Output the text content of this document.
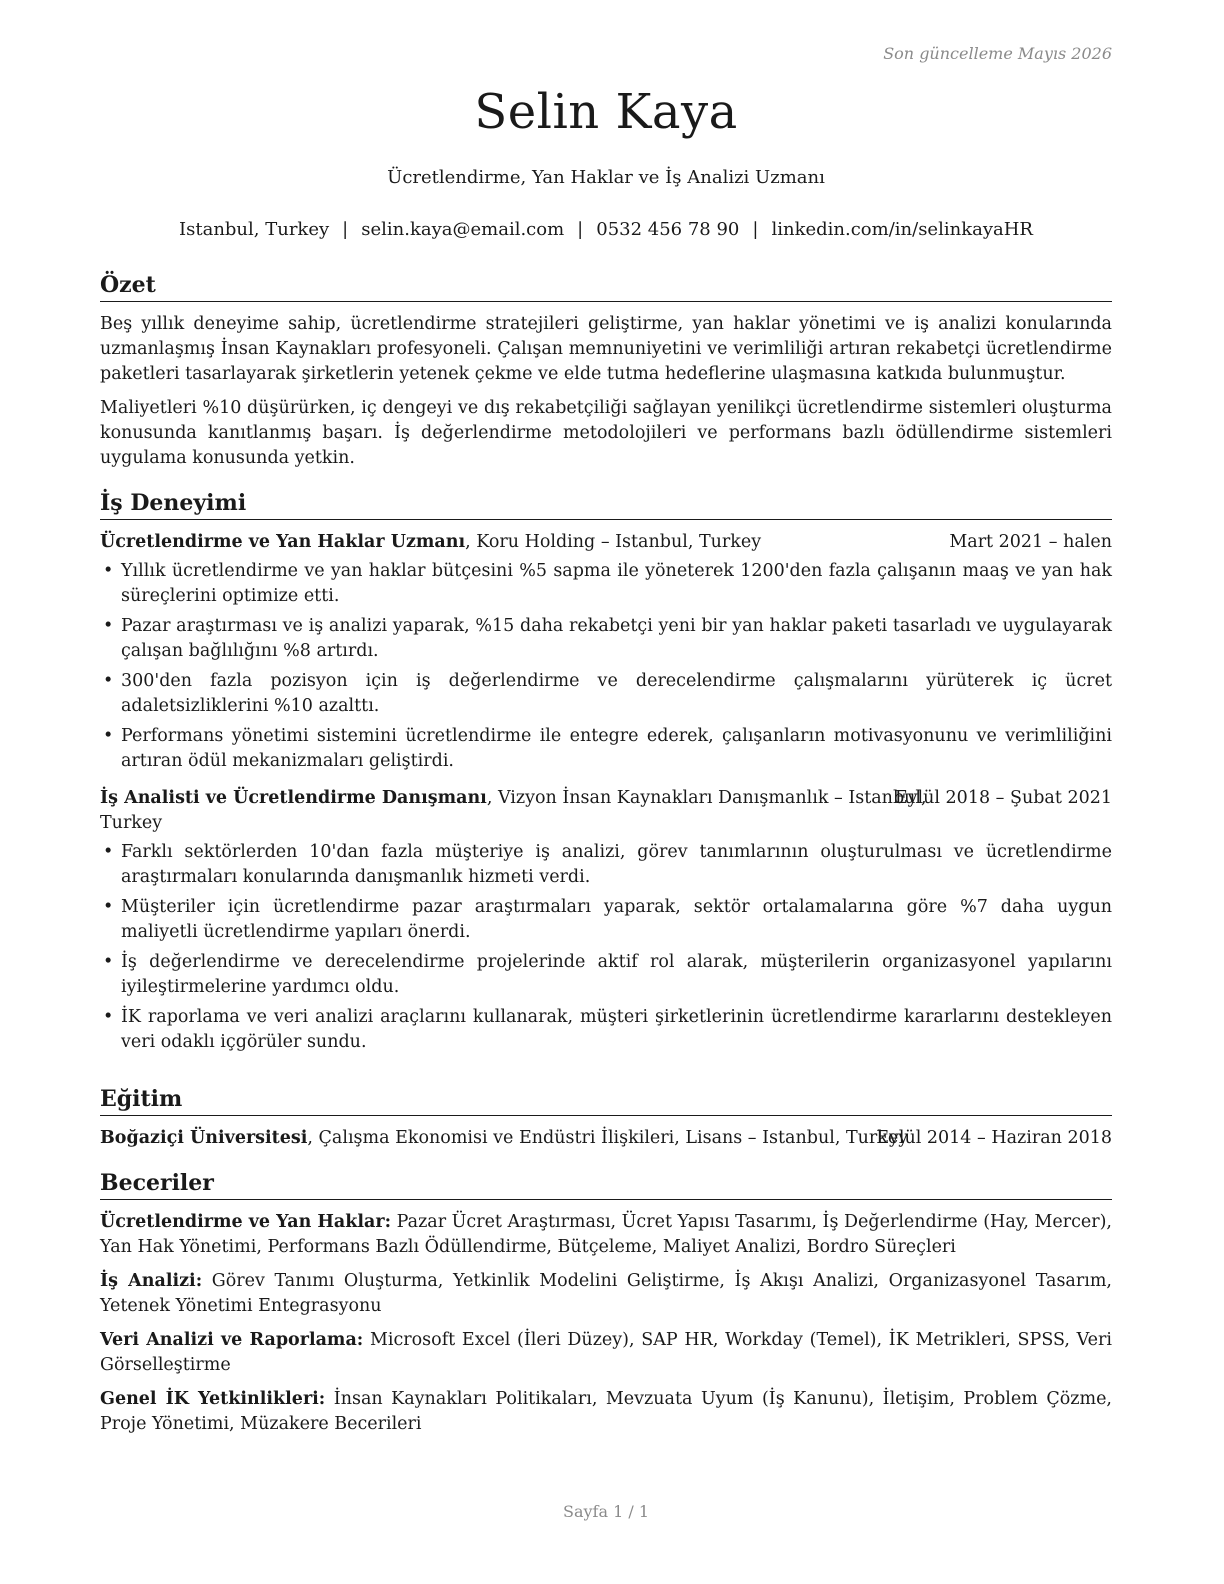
Son güncelleme Mayıs 2026
Selin Kaya
Ücretlendirme, Yan Haklar ve İş Analizi Uzmanı
Istanbul, Turkey | selin.kaya@email.com | 0532 456 78 90 | linkedin.com/in/selinkayaHR
Özet

Beş yıllık deneyime sahip, ücretlendirme stratejileri geliştirme, yan haklar yönetimi ve iş analizi konularında uzmanlaşmış İnsan Kaynakları profesyoneli. Çalışan memnuniyetini ve verimliliği artıran rekabetçi ücretlendirme paketleri tasarlayarak şirketlerin yetenek çekme ve elde tutma hedeflerine ulaşmasına katkıda bulunmuştur.

Maliyetleri %10 düşürürken, iç dengeyi ve dış rekabetçiliği sağlayan yenilikçi ücretlendirme sistemleri oluşturma konusunda kanıtlanmış başarı. İş değerlendirme metodolojileri ve performans bazlı ödüllendirme sistemleri uygulama konusunda yetkin.

İş Deneyimi
Ücretlendirme ve Yan Haklar Uzmanı, Koru Holding – Istanbul, Turkey	Mart 2021 – halen
• Yıllık ücretlendirme ve yan haklar bütçesini %5 sapma ile yöneterek 1200'den fazla çalışanın maaş ve yan hak süreçlerini optimize etti.
• Pazar araştırması ve iş analizi yaparak, %15 daha rekabetçi yeni bir yan haklar paketi tasarladı ve uygulayarak çalışan bağlılığını %8 artırdı.
• 300'den fazla pozisyon için iş değerlendirme ve derecelendirme çalışmalarını yürüterek iç ücret adaletsizliklerini %10 azalttı.
• Performans yönetimi sistemini ücretlendirme ile entegre ederek, çalışanların motivasyonunu ve verimliliğini artıran ödül mekanizmaları geliştirdi.
İş Analisti ve Ücretlendirme Danışmanı, Vizyon İnsan Kaynakları Danışmanlık – Istanbul,
Turkey
Eylül 2018 – Şubat 2021
• Farklı sektörlerden 10'dan fazla müşteriye iş analizi, görev tanımlarının oluşturulması ve ücretlendirme araştırmaları konularında danışmanlık hizmeti verdi.
• Müşteriler için ücretlendirme pazar araştırmaları yaparak, sektör ortalamalarına göre %7 daha uygun maliyetli ücretlendirme yapıları önerdi.
• İş değerlendirme ve derecelendirme projelerinde aktif rol alarak, müşterilerin organizasyonel yapılarını iyileştirmelerine yardımcı oldu.
• İK raporlama ve veri analizi araçlarını kullanarak, müşteri şirketlerinin ücretlendirme kararlarını destekleyen veri odaklı içgörüler sundu.
Eğitim
Boğaziçi Üniversitesi, Çalışma Ekonomisi ve Endüstri İlişkileri, Lisans – Istanbul, Turkey
Eylül 2014 – Haziran 2018
Beceriler

Ücretlendirme ve Yan Haklar: Pazar Ücret Araştırması, Ücret Yapısı Tasarımı, İş Değerlendirme (Hay, Mercer), Yan Hak Yönetimi, Performans Bazlı Ödüllendirme, Bütçeleme, Maliyet Analizi, Bordro Süreçleri

İş Analizi: Görev Tanımı Oluşturma, Yetkinlik Modelini Geliştirme, İş Akışı Analizi, Organizasyonel Tasarım, Yetenek Yönetimi Entegrasyonu

Veri Analizi ve Raporlama: Microsoft Excel (İleri Düzey), SAP HR, Workday (Temel), İK Metrikleri, SPSS, Veri Görselleştirme

Genel İK Yetkinlikleri: İnsan Kaynakları Politikaları, Mevzuata Uyum (İş Kanunu), İletişim, Problem Çözme, Proje Yönetimi, Müzakere Becerileri

Sayfa 1 / 1
